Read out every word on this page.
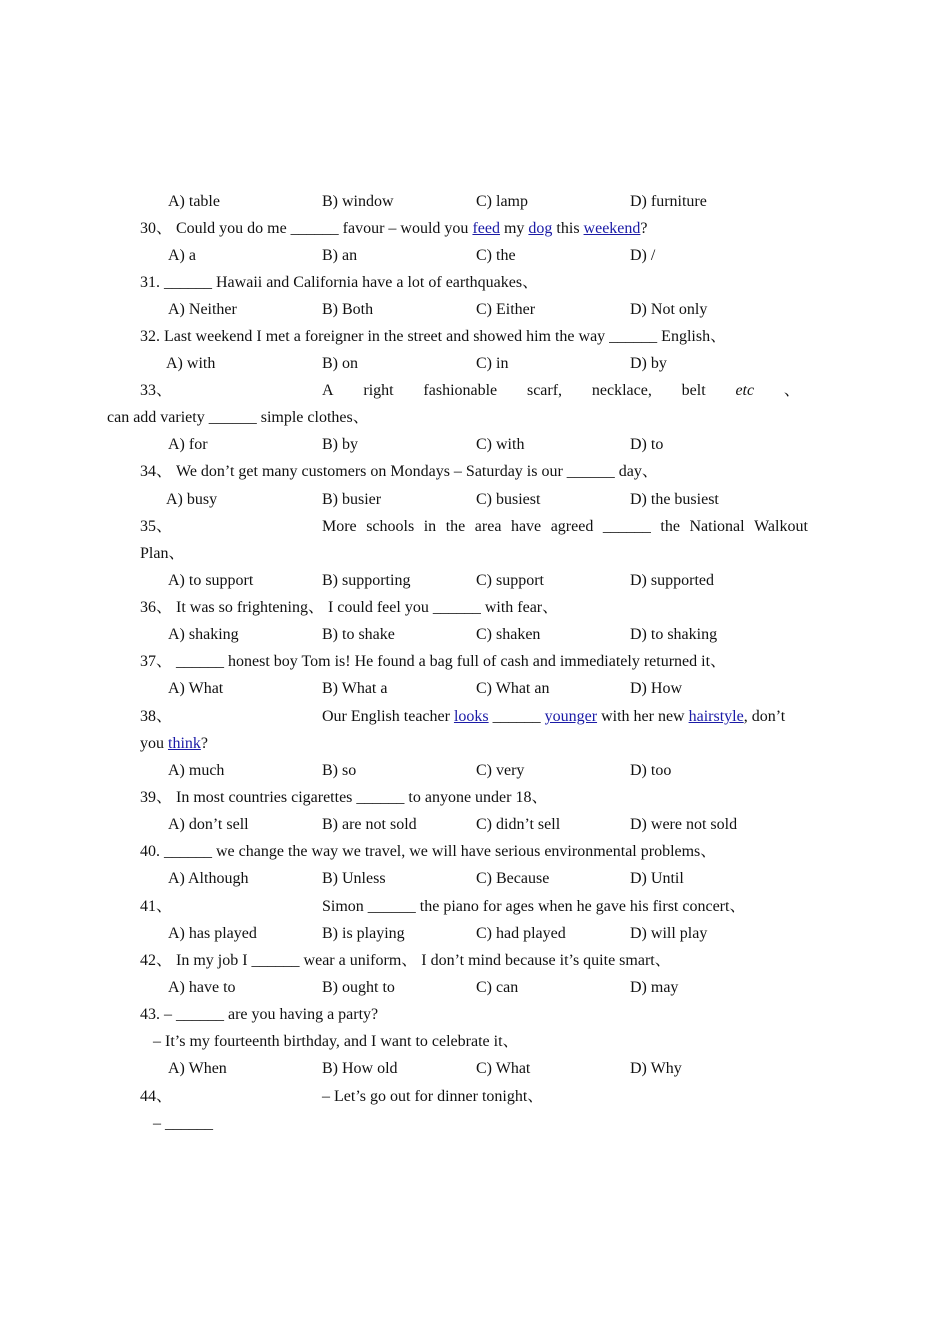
A) table	B) window	C) lamp	D) furniture
30、 Could you do me ______ favour – would you feed my dog this weekend?
A) a	B) an	C) the	D) /
31. ______ Hawaii and California have a lot of earthquakes、
A) Neither	B) Both	C) Either	D) Not only
32. Last weekend I met a foreigner in the street and showed him the way ______ English、
A) with	B) on	C) in	D) by
33、	A right fashionable scarf, necklace, belt etc 、
can add variety ______ simple clothes、
A) for	B) by	C) with	D) to
34、 We don’t get many customers on Mondays – Saturday is our ______ day、
A) busy	B) busier	C) busiest	D) the busiest
35、	More schools in the area have agreed ______ the National Walkout
Plan、
A) to support	B) supporting	C) support	D) supported
36、 It was so frightening、 I could feel you ______ with fear、
A) shaking	B) to shake	C) shaken	D) to shaking
37、 ______ honest boy Tom is! He found a bag full of cash and immediately returned it、
A) What	B) What a	C) What an	D) How
38、	Our English teacher looks ______ younger with her new hairstyle, don’t
you think?
A) much	B) so	C) very	D) too
39、 In most countries cigarettes ______ to anyone under 18、
A) don’t sell	B) are not sold	C) didn’t sell	D) were not sold
40. ______ we change the way we travel, we will have serious environmental problems、
A) Although	B) Unless	C) Because	D) Until
41、	Simon ______ the piano for ages when he gave his first concert、
A) has played	B) is playing	C) had played	D) will play
42、 In my job I ______ wear a uniform、 I don’t mind because it’s quite smart、
A) have to	B) ought to	C) can	D) may
43. – ______ are you having a party?
– It’s my fourteenth birthday, and I want to celebrate it、
A) When	B) How old	C) What	D) Why
44、	– Let’s go out for dinner tonight、
– ______
